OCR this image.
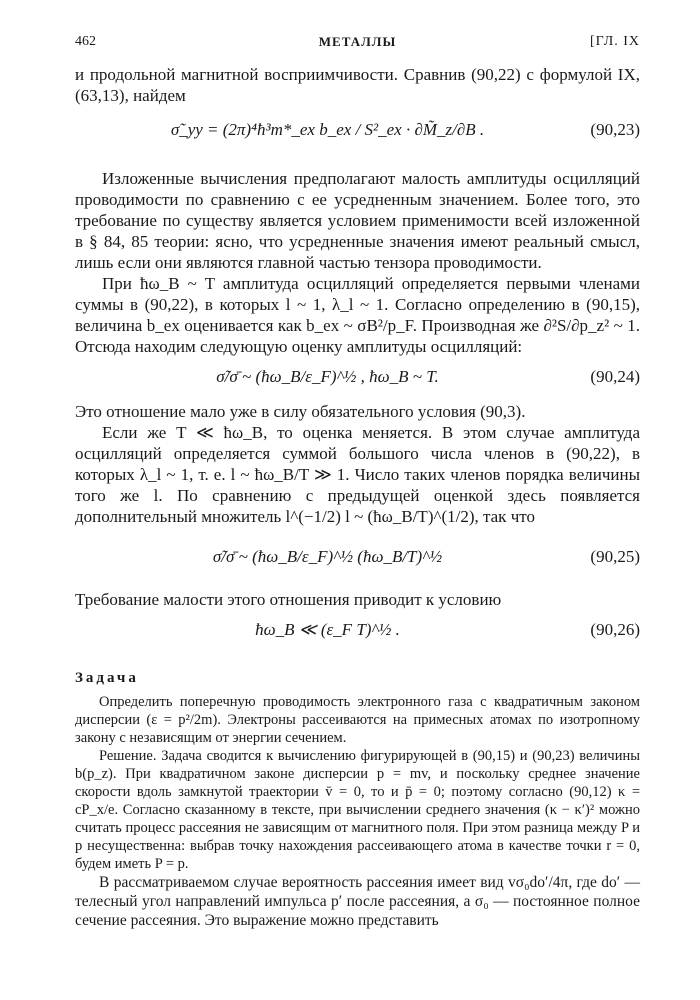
462	МЕТАЛЛЫ	[ГЛ. IX

и продольной магнитной восприимчивости. Сравнив (90,22) с формулой IX, (63,13), найдем

σ̃_yy = (2π)⁴ħ³m*_ex b_ex / S²_ex · ∂M̃_z/∂B .	(90,23)

Изложенные вычисления предполагают малость амплитуды осцилляций проводимости по сравнению с ее усредненным значением. Более того, это требование по существу является условием применимости всей изложенной в § 84, 85 теории: ясно, что усредненные значения имеют реальный смысл, лишь если они являются главной частью тензора проводимости.

При ħω_B ~ T амплитуда осцилляций определяется первыми членами суммы в (90,22), в которых l ~ 1, λ_l ~ 1. Согласно определению в (90,15), величина b_ex оценивается как b_ex ~ σB²/p_F. Производная же ∂²S/∂p_z² ~ 1. Отсюда находим следующую оценку амплитуды осцилляций:

σ̃/σ̄ ~ (ħω_B/ε_F)^½ , ħω_B ~ T.	(90,24)

Это отношение мало уже в силу обязательного условия (90,3).

Если же T ≪ ħω_B, то оценка меняется. В этом случае амплитуда осцилляций определяется суммой большого числа членов в (90,22), в которых λ_l ~ 1, т. е. l ~ ħω_B/T ≫ 1. Число таких членов порядка величины того же l. По сравнению с предыдущей оценкой здесь появляется дополнительный множитель l^(−1/2) l ~ (ħω_B/T)^(1/2), так что

σ̃/σ̄ ~ (ħω_B/ε_F)^½ (ħω_B/T)^½	(90,25)

Требование малости этого отношения приводит к условию

ħω_B ≪ (ε_F T)^½ .	(90,26)
Задача

Определить поперечную проводимость электронного газа с квадратичным законом дисперсии (ε = p²/2m). Электроны рассеиваются на примесных атомах по изотропному закону с независящим от энергии сечением.

Решение. Задача сводится к вычислению фигурирующей в (90,15) и (90,23) величины b(p_z). При квадратичном законе дисперсии p = mv, и поскольку среднее значение скорости вдоль замкнутой траектории v̄ = 0, то и p̄ = 0; поэтому согласно (90,12) κ = cP_x/e. Согласно сказанному в тексте, при вычислении среднего значения (κ − κ′)² можно считать процесс рассеяния не зависящим от магнитного поля. При этом разница между P и p несущественна: выбрав точку нахождения рассеивающего атома в качестве точки r = 0, будем иметь P = p.

В рассматриваемом случае вероятность рассеяния имеет вид vσ₀do′/4π, где do′ — телесный угол направлений импульса p′ после рассеяния, а σ₀ — постоянное полное сечение рассеяния. Это выражение можно представить
